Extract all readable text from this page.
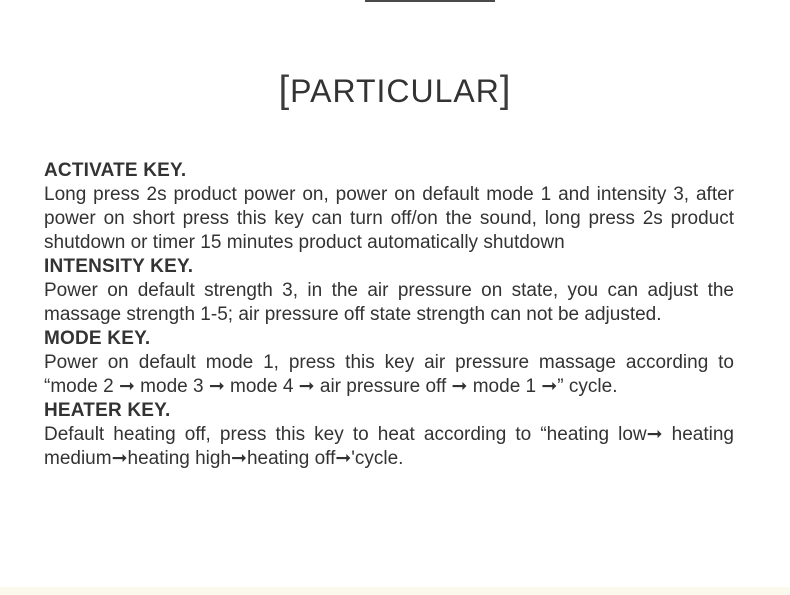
[PARTICULAR]
ACTIVATE KEY.
Long press 2s product power on, power on default mode 1 and intensity 3, after power on short press this key can turn off/on the sound, long press 2s product shutdown or timer 15 minutes product automatically shutdown
INTENSITY KEY.
Power on default strength 3, in the air pressure on state, you can adjust the massage strength 1-5; air pressure off state strength can not be adjusted.
MODE KEY.
Power on default mode 1, press this key air pressure massage according to “mode 2 ➞ mode 3 ➞ mode 4 ➞ air pressure off ➞ mode 1 ➞” cycle.
HEATER KEY.
Default heating off, press this key to heat according to “heating low➞ heating medium➞heating high➞heating off➞'cycle.
